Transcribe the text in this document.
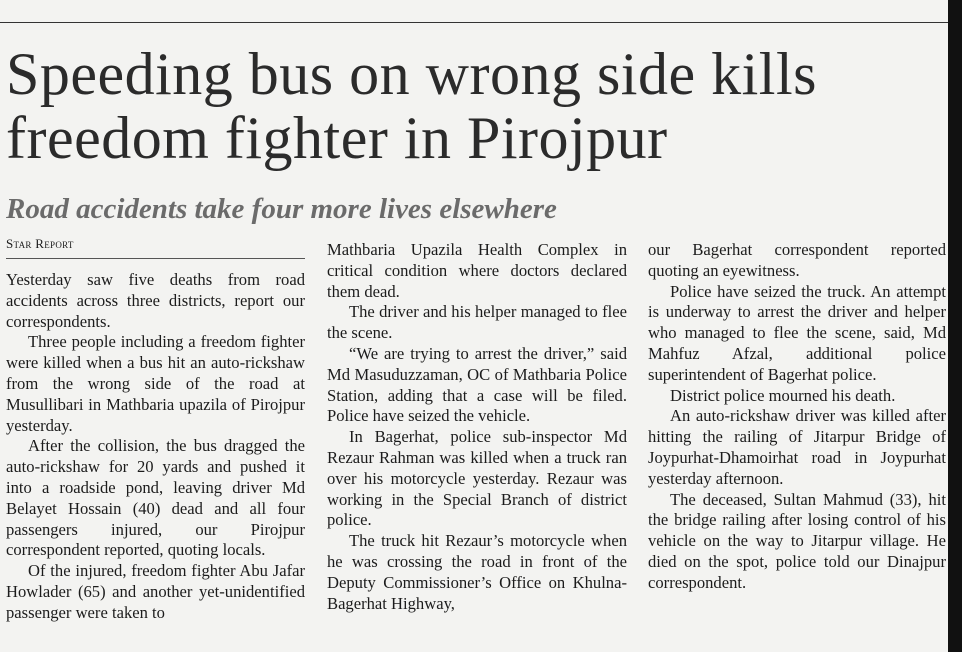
Speeding bus on wrong side kills freedom fighter in Pirojpur
Road accidents take four more lives elsewhere
Star Report

Yesterday saw five deaths from road accidents across three districts, report our correspondents.

Three people including a freedom fighter were killed when a bus hit an auto-rickshaw from the wrong side of the road at Musullibari in Mathbaria upazila of Pirojpur yesterday.

After the collision, the bus dragged the auto-rickshaw for 20 yards and pushed it into a roadside pond, leaving driver Md Belayet Hossain (40) dead and all four passengers injured, our Pirojpur correspondent reported, quoting locals.

Of the injured, freedom fighter Abu Jafar Howlader (65) and another yet-unidentified passenger were taken to

Mathbaria Upazila Health Complex in critical condition where doctors declared them dead.

The driver and his helper managed to flee the scene.

“We are trying to arrest the driver,” said Md Masuduzzaman, OC of Mathbaria Police Station, adding that a case will be filed. Police have seized the vehicle.

In Bagerhat, police sub-inspector Md Rezaur Rahman was killed when a truck ran over his motorcycle yesterday. Rezaur was working in the Special Branch of district police.

The truck hit Rezaur’s motorcycle when he was crossing the road in front of the Deputy Commissioner’s Office on Khulna-Bagerhat Highway,

our Bagerhat correspondent reported quoting an eyewitness.

Police have seized the truck. An attempt is underway to arrest the driver and helper who managed to flee the scene, said, Md Mahfuz Afzal, additional police superintendent of Bagerhat police.

District police mourned his death.

An auto-rickshaw driver was killed after hitting the railing of Jitarpur Bridge of Joypurhat-Dhamoirhat road in Joypurhat yesterday afternoon.

The deceased, Sultan Mahmud (33), hit the bridge railing after losing control of his vehicle on the way to Jitarpur village. He died on the spot, police told our Dinajpur correspondent.
